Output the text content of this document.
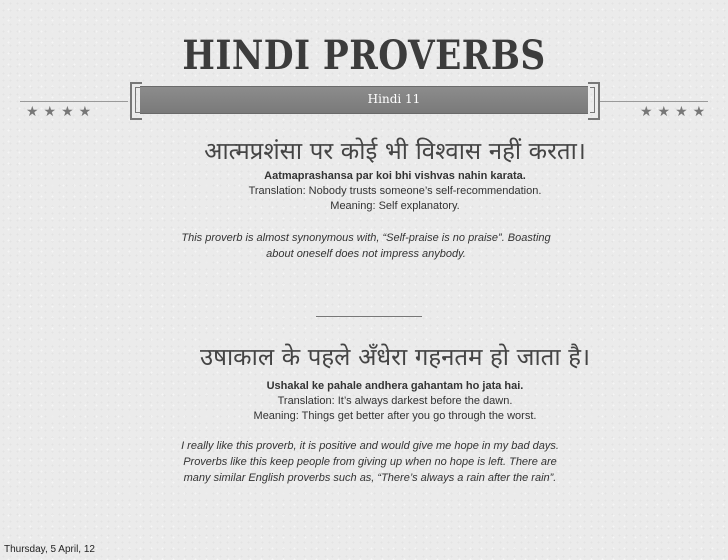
HINDI PROVERBS
★★★★	★★★★
Hindi 11
आत्मप्रशंसा पर कोई भी विश्वास नहीं करता।
Aatmaprashansa par koi bhi vishvas nahin karata.
Translation: Nobody trusts someone’s self-recommendation.
Meaning: Self explanatory.
This proverb is almost synonymous with, “Self-praise is no praise”. Boasting
about oneself does not impress anybody.
उषाकाल के पहले अँधेरा गहनतम हो जाता है।
Ushakal ke pahale andhera gahantam ho jata hai.
Translation: It’s always darkest before the dawn.
Meaning: Things get better after you go through the worst.
I really like this proverb, it is positive and would give me hope in my bad days.
Proverbs like this keep people from giving up when no hope is left. There are
many similar English proverbs such as, “There’s always a rain after the rain”.
Thursday, 5 April, 12
